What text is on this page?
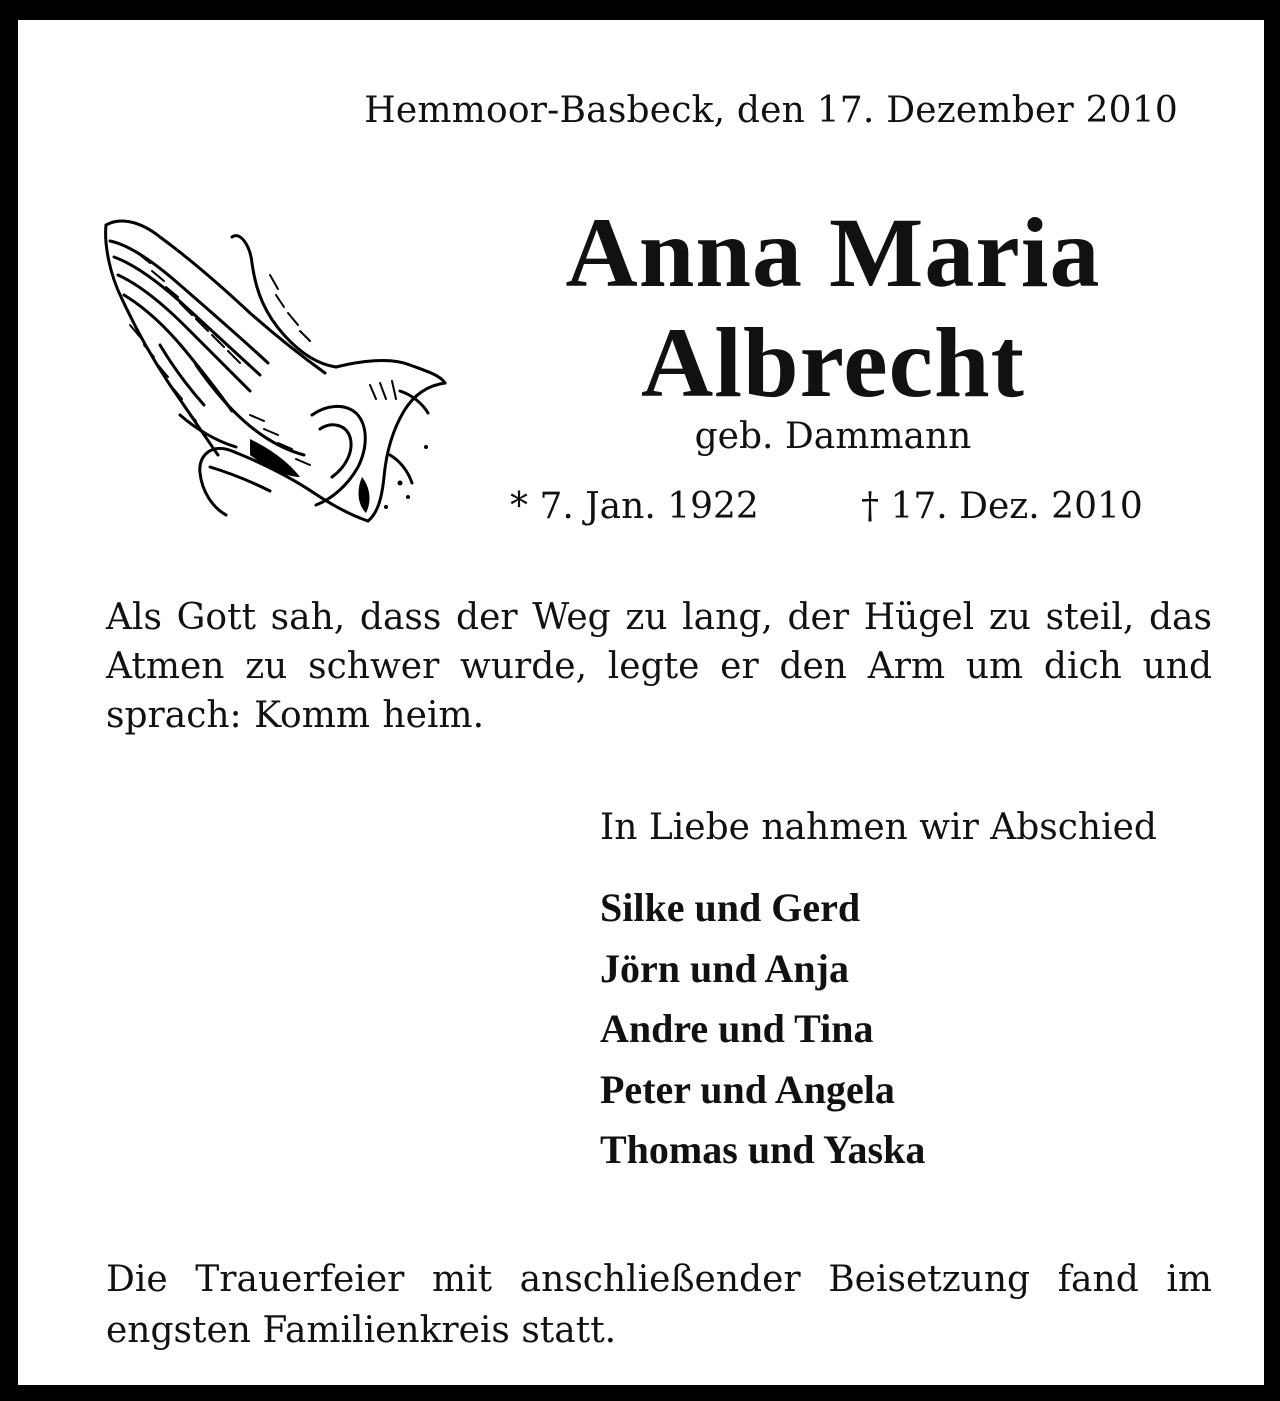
Hemmoor-Basbeck, den 17. Dezember 2010
Anna Maria
Albrecht
geb. Dammann
* 7. Jan. 1922	† 17. Dez. 2010
Als Gott sah, dass der Weg zu lang, der Hügel zu steil, das Atmen zu schwer wurde, legte er den Arm um dich und sprach: Komm heim.
In Liebe nahmen wir Abschied
Silke und Gerd
Jörn und Anja
Andre und Tina
Peter und Angela
Thomas und Yaska
Die Trauerfeier mit anschließender Beisetzung fand im engsten Familienkreis statt.
